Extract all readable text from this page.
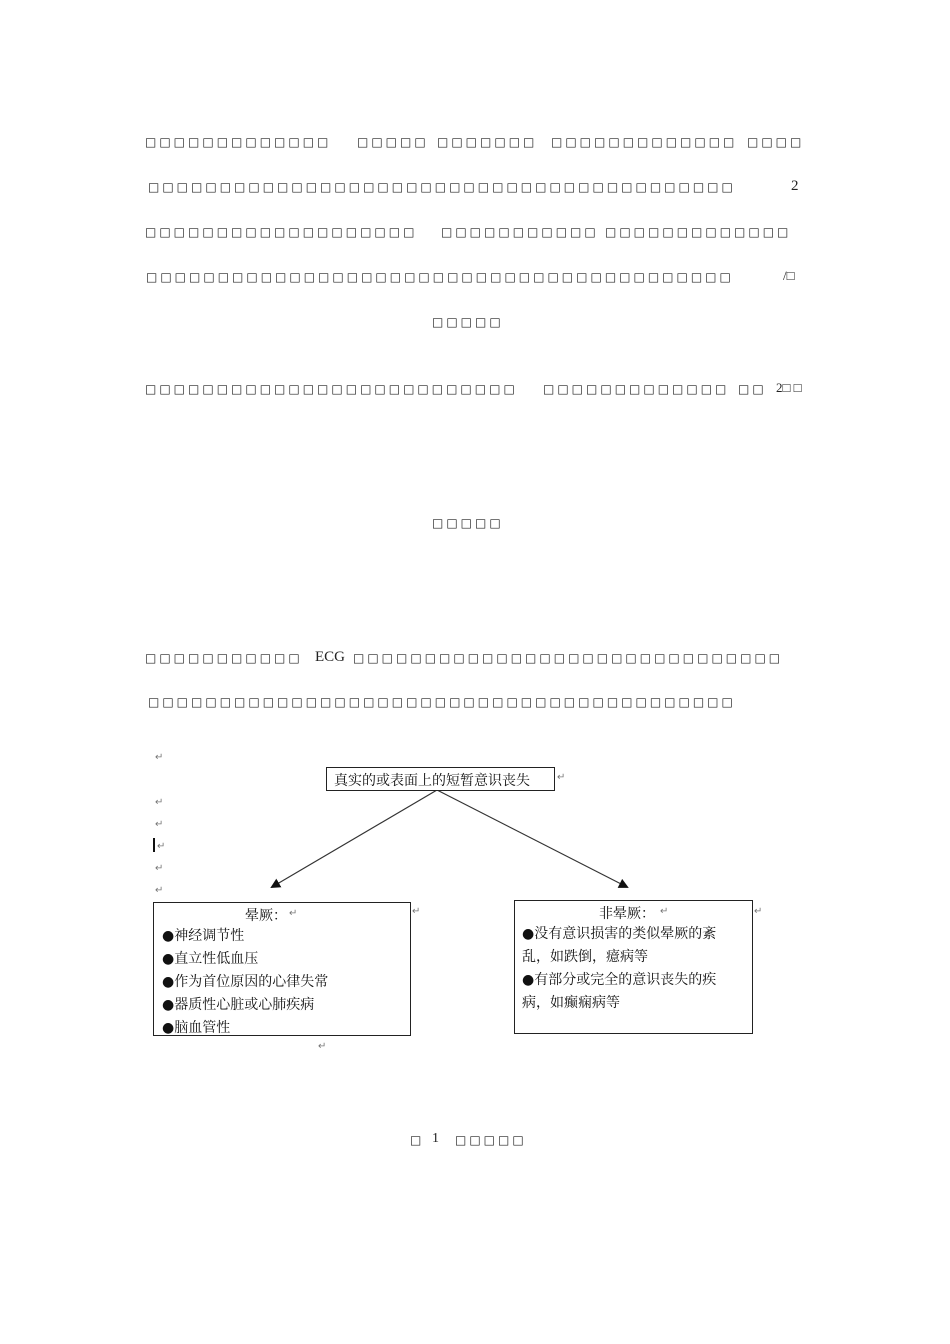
□□□□□□□□□□□□□ □□□□□ □□□□□□□ □□□□□□□□□□□□□ □□□□
□□□□□□□□□□□□□□□□□□□□□□□□□□□□□□□□□□□□□□□□□	2
□□□□□□□□□□□□□□□□□□□ □□□□□□□□□□□ □□□□□□□□□□□□□
□□□□□□□□□□□□□□□□□□□□□□□□□□□□□□□□□□□□□□□□□	/□
□□□□□
□□□□□□□□□□□□□□□□□□□□□□□□□□ □□□□□□□□□□□□□ □□ 2□ □
□□□□□
□□□□□□□□□□□ ECG □□□□□□□□□□□□□□□□□□□□□□□□□□□□□□
□□□□□□□□□□□□□□□□□□□□□□□□□□□□□□□□□□□□□□□□□
↵
↵
↵
↵
↵
↵
真实的或表面上的短暂意识丧失	↵
晕厥： ↵
●神经调节性
●直立性低血压
●作为首位原因的心律失常
●器质性心脏或心肺疾病
●脑血管性
↵
↵
非晕厥： ↵
●没有意识损害的类似晕厥的紊
乱，如跌倒，癔病等
●有部分或完全的意识丧失的疾
病，如癫痫病等
↵
□ 1 □□□□□
